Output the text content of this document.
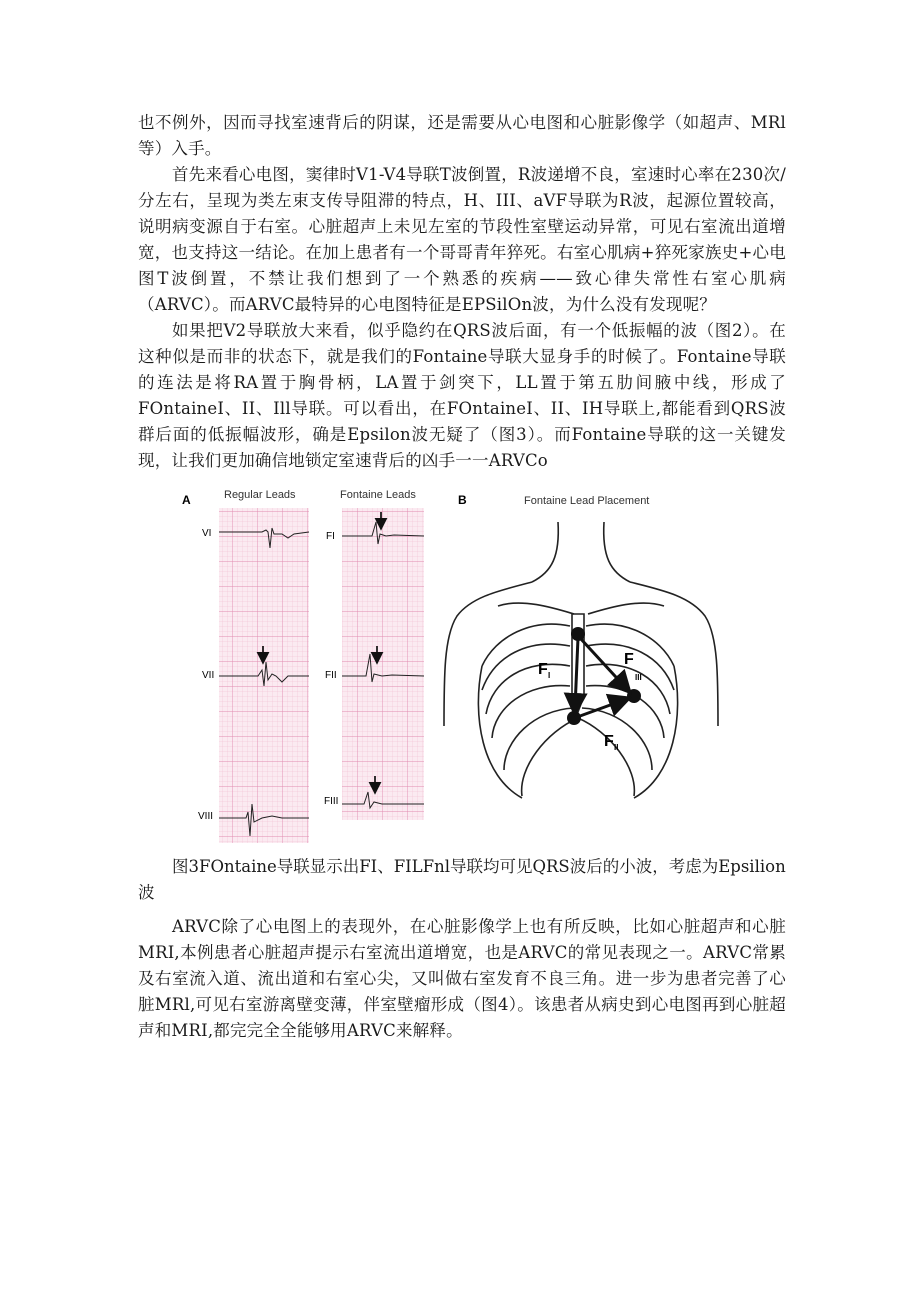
也不例外，因而寻找室速背后的阴谋，还是需要从心电图和心脏影像学（如超声、MRl等）入手。

首先来看心电图，窦律时V1-V4导联T波倒置，R波递增不良，室速时心率在230次/分左右，呈现为类左束支传导阻滞的特点，H、III、aVF导联为R波，起源位置较高，说明病变源自于右室。心脏超声上未见左室的节段性室壁运动异常，可见右室流出道增宽，也支持这一结论。在加上患者有一个哥哥青年猝死。右室心肌病+猝死家族史+心电图T波倒置，不禁让我们想到了一个熟悉的疾病——致心律失常性右室心肌病（ARVC）。而ARVC最特异的心电图特征是EPSilOn波，为什么没有发现呢？

如果把V2导联放大来看，似乎隐约在QRS波后面，有一个低振幅的波（图2）。在这种似是而非的状态下，就是我们的Fontaine导联大显身手的时候了。Fontaine导联的连法是将RA置于胸骨柄，LA置于剑突下，LL置于第五肋间腋中线，形成了FOntaineI、II、Ill导联。可以看出，在FOntaineI、II、IH导联上,都能看到QRS波群后面的低振幅波形，确是Epsilon波无疑了（图3）。而Fontaine导联的这一关键发现，让我们更加确信地锁定室速背后的凶手一一ARVCo

A	Regular Leads	Fontaine Leads
VI
VII
VIII
FI
FII
FIII
B	Fontaine Lead Placement
F I
F II
F
III

图3FOntaine导联显示出FI、FILFnl导联均可见QRS波后的小波，考虑为Epsilion波

ARVC除了心电图上的表现外，在心脏影像学上也有所反映，比如心脏超声和心脏MRI,本例患者心脏超声提示右室流出道增宽，也是ARVC的常见表现之一。ARVC常累及右室流入道、流出道和右室心尖，又叫做右室发育不良三角。进一步为患者完善了心脏MRl,可见右室游离壁变薄，伴室壁瘤形成（图4）。该患者从病史到心电图再到心脏超声和MRI,都完完全全能够用ARVC来解释。
